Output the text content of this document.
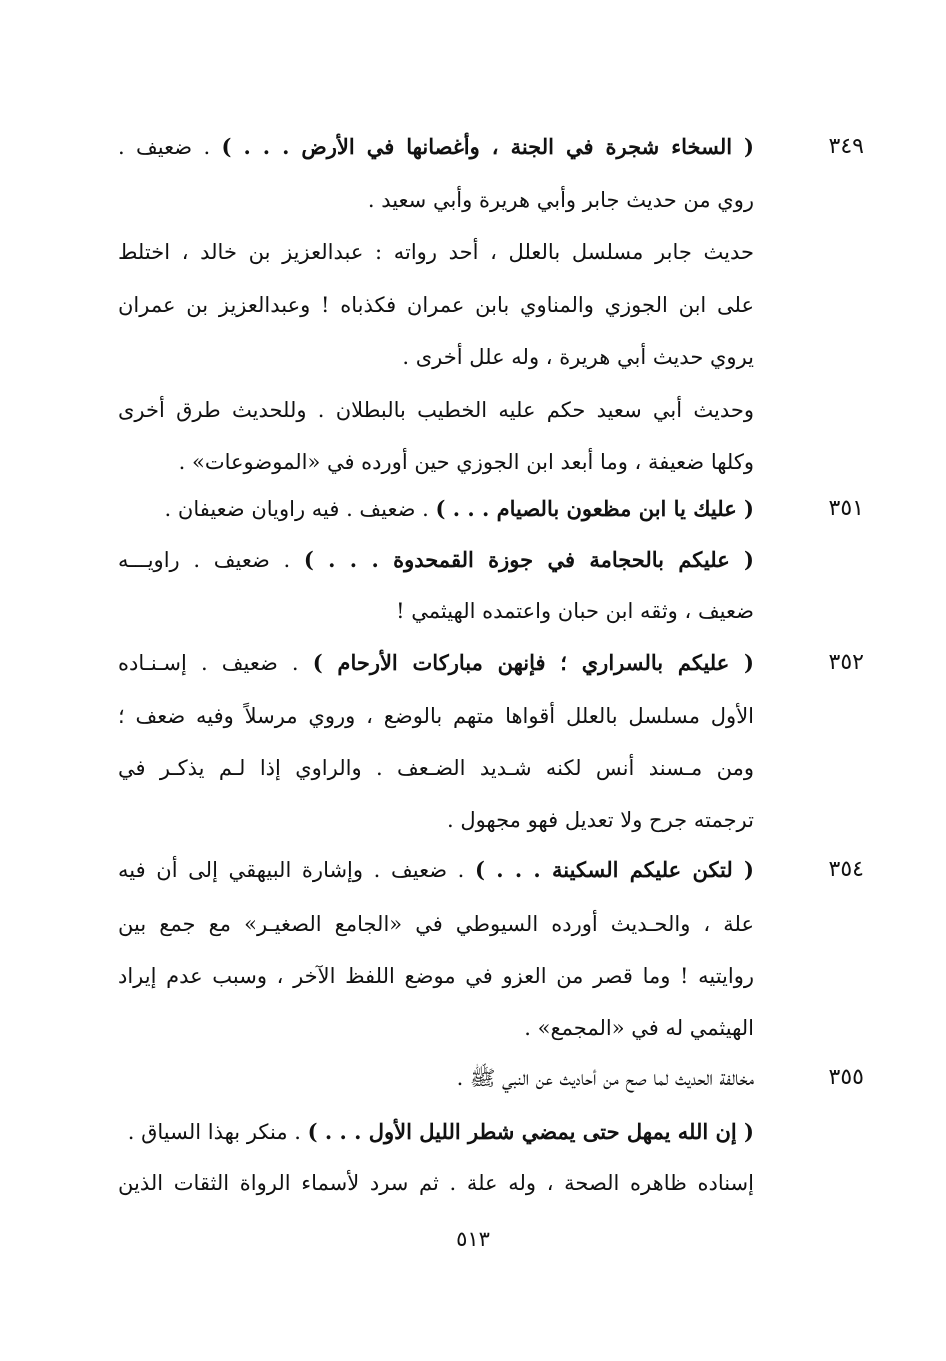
٣٤٩
( السخاء شجرة في الجنة ، وأغصانها في الأرض . . . ) . ضعيف .
روي من حديث جابر وأبي هريرة وأبي سعيد .
حديث جابر مسلسل بالعلل ، أحد رواته : عبدالعزيز بن خالد ، اختلط
على ابن الجوزي والمناوي بابن عمران فكذباه ! وعبدالعزيز بن عمران
يروي حديث أبي هريرة ، وله علل أخرى .
وحديث أبي سعيد حكم عليه الخطيب بالبطلان . وللحديث طرق أخرى
وكلها ضعيفة ، وما أبعد ابن الجوزي حين أورده في «الموضوعات» .
٣٥١
( عليك يا ابن مظعون بالصيام . . . ) . ضعيف . فيه راويان ضعيفان .
( عليكم بالحجامة في جوزة القمحدوة . . . ) . ضعيف . راويـــه
ضعيف ، وثقه ابن حبان واعتمده الهيثمي !
٣٥٢
( عليكم بالسراري ؛ فإنهن مباركات الأرحام ) . ضعيف . إسـنـاده
الأول مسلسل بالعلل أقواها متهم بالوضع ، وروي مرسلاً وفيه ضعف ؛
ومن مـسند أنس لكنه شـديد الضـعف . والراوي إذا لـم يذكـر في
ترجمته جرح ولا تعديل فهو مجهول .
٣٥٤
( لتكن عليكم السكينة . . . ) . ضعيف . وإشارة البيهقي إلى أن فيه
علة ، والحـديث أورده السيوطي في «الجامع الصغيـر» مع جمع بين
روايتيه ! وما قصر من العزو في موضع اللفظ الآخر ، وسبب عدم إيراد
الهيثمي له في «المجمع» .
٣٥٥
مخالفة الحديث لما صح من أحاديث عن النبي ﷺ .
( إن الله يمهل حتى يمضي شطر الليل الأول . . . ) . منكر بهذا السياق .
إسناده ظاهره الصحة ، وله علة . ثم سرد لأسماء الرواة الثقات الذين
٥١٣
